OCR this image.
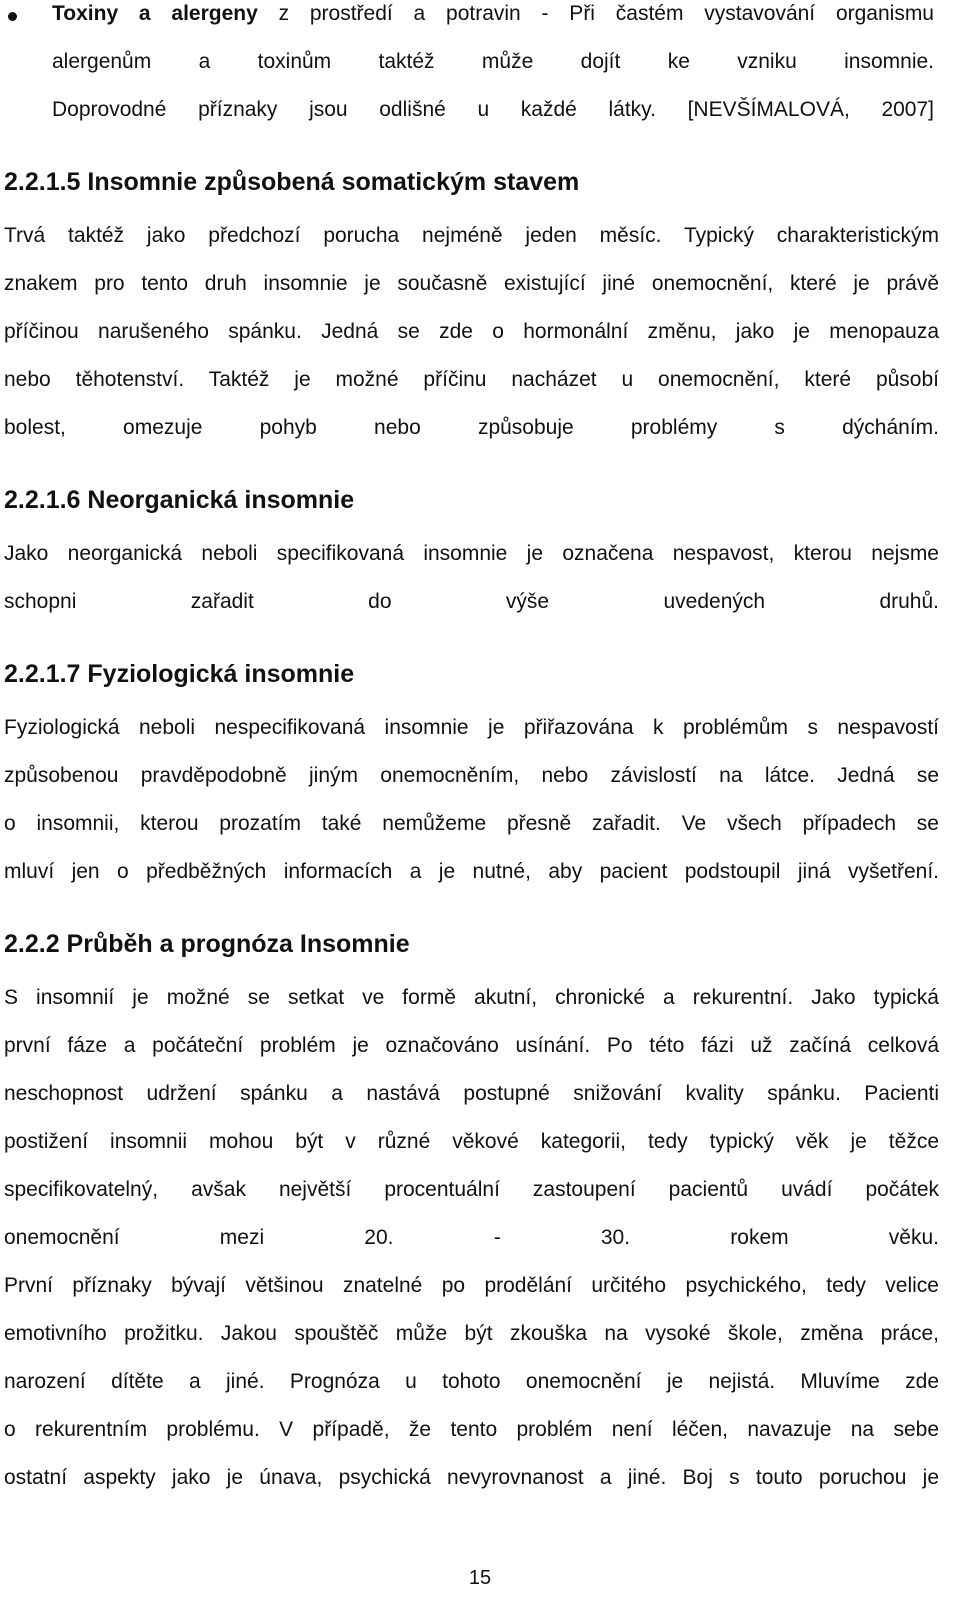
Toxiny a alergeny z prostředí a potravin - Při častém vystavování organismu
alergenům a toxinům taktéž může dojít ke vzniku insomnie.
Doprovodné příznaky jsou odlišné u každé látky. [NEVŠÍMALOVÁ, 2007]
2.2.1.5 Insomnie způsobená somatickým stavem
Trvá taktéž jako předchozí porucha nejméně jeden měsíc. Typický charakteristickým
znakem pro tento druh insomnie je současně existující jiné onemocnění, které je právě
příčinou narušeného spánku. Jedná se zde o hormonální změnu, jako je menopauza
nebo těhotenství. Taktéž je možné příčinu nacházet u onemocnění, které působí
bolest, omezuje pohyb nebo způsobuje problémy s dýcháním.
2.2.1.6 Neorganická insomnie
Jako neorganická neboli specifikovaná insomnie je označena nespavost, kterou nejsme
schopni zařadit do výše uvedených druhů.
2.2.1.7 Fyziologická insomnie
Fyziologická neboli nespecifikovaná insomnie je přiřazována k problémům s nespavostí
způsobenou pravděpodobně jiným onemocněním, nebo závislostí na látce. Jedná se
o insomnii, kterou prozatím také nemůžeme přesně zařadit. Ve všech případech se
mluví jen o předběžných informacích a je nutné, aby pacient podstoupil jiná vyšetření.
2.2.2 Průběh a prognóza Insomnie
S insomnií je možné se setkat ve formě akutní, chronické a rekurentní. Jako typická
první fáze a počáteční problém je označováno usínání. Po této fázi už začíná celková
neschopnost udržení spánku a nastává postupné snižování kvality spánku. Pacienti
postižení insomnii mohou být v různé věkové kategorii, tedy typický věk je těžce
specifikovatelný, avšak největší procentuální zastoupení pacientů uvádí počátek
onemocnění mezi 20. - 30. rokem věku.
První příznaky bývají většinou znatelné po prodělání určitého psychického, tedy velice
emotivního prožitku. Jakou spouštěč může být zkouška na vysoké škole, změna práce,
narození dítěte a jiné. Prognóza u tohoto onemocnění je nejistá. Mluvíme zde
o rekurentním problému. V případě, že tento problém není léčen, navazuje na sebe
ostatní aspekty jako je únava, psychická nevyrovnanost a jiné. Boj s touto poruchou je
15
